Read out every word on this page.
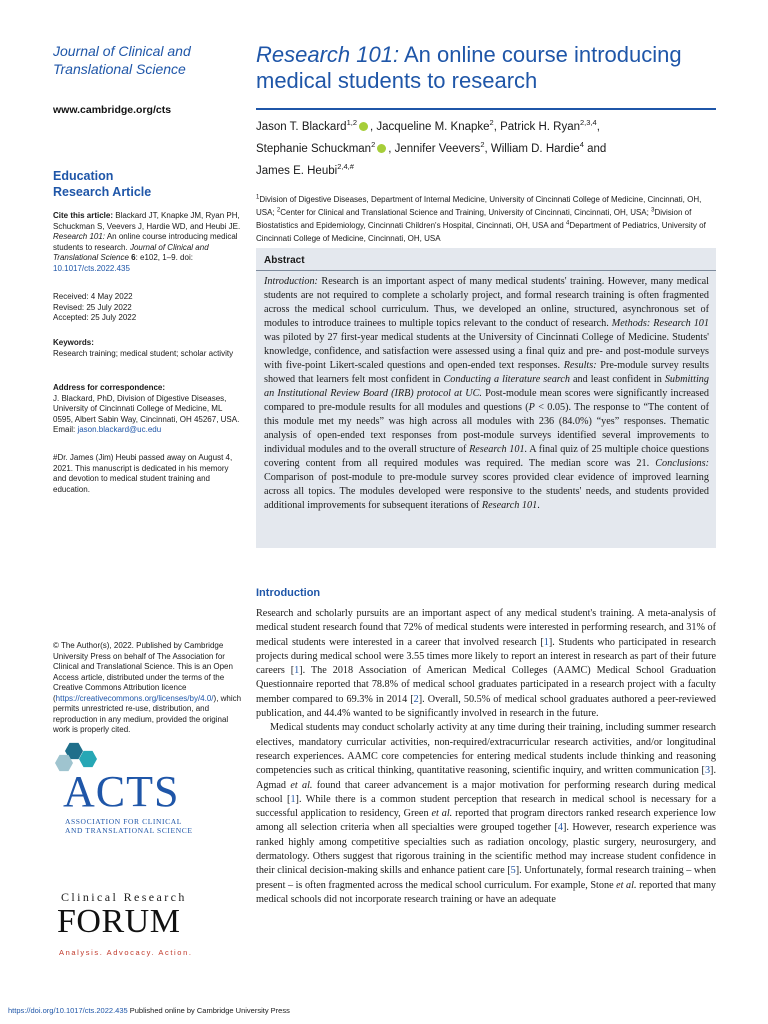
Journal of Clinical and Translational Science
www.cambridge.org/cts
Research 101: An online course introducing medical students to research
Jason T. Blackard$^{1,2}$ , Jacqueline M. Knapke$^2$, Patrick H. Ryan$^{2,3,4}$,
Stephanie Schuckman$^2$ , Jennifer Veevers$^2$, William D. Hardie$^4$ and
James E. Heubi$^{2,4,\#}$
$^1$Division of Digestive Diseases, Department of Internal Medicine, University of Cincinnati College of Medicine, Cincinnati, OH, USA; $^2$Center for Clinical and Translational Science and Training, University of Cincinnati, Cincinnati, OH, USA; $^3$Division of Biostatistics and Epidemiology, Cincinnati Children's Hospital, Cincinnati, OH, USA and $^4$Department of Pediatrics, University of Cincinnati College of Medicine, Cincinnati, OH, USA
Education
Research Article

Cite this article: Blackard JT, Knapke JM, Ryan PH, Schuckman S, Veevers J, Hardie WD, and Heubi JE. Research 101: An online course introducing medical students to research. Journal of Clinical and Translational Science 6: e102, 1–9. doi: 10.1017/cts.2022.435

Received: 4 May 2022

Revised: 25 July 2022

Accepted: 25 July 2022

Keywords:

Research training; medical student; scholar activity

Address for correspondence:

J. Blackard, PhD, Division of Digestive Diseases, University of Cincinnati College of Medicine, ML 0595, Albert Sabin Way, Cincinnati, OH 45267, USA. Email: jason.blackard@uc.edu

#Dr. James (Jim) Heubi passed away on August 4, 2021. This manuscript is dedicated in his memory and devotion to medical student training and education.

Abstract
Introduction: Research is an important aspect of many medical students' training. However, many medical students are not required to complete a scholarly project, and formal research training is often fragmented across the medical school curriculum. Thus, we developed an online, structured, asynchronous set of modules to introduce trainees to multiple topics relevant to the conduct of research. Methods: Research 101 was piloted by 27 first-year medical students at the University of Cincinnati College of Medicine. Students' knowledge, confidence, and satisfaction were assessed using a final quiz and pre- and post-module surveys with five-point Likert-scaled questions and open-ended text responses. Results: Pre-module survey results showed that learners felt most confident in Conducting a literature search and least confident in Submitting an Institutional Review Board (IRB) protocol at UC. Post-module mean scores were significantly increased compared to pre-module results for all modules and questions (P < 0.05). The response to “The content of this module met my needs” was high across all modules with 236 (84.0%) “yes” responses. Thematic analysis of open-ended text responses from post-module surveys identified several improvements to individual modules and to the overall structure of Research 101. A final quiz of 25 multiple choice questions covering content from all required modules was required. The median score was 21. Conclusions: Comparison of post-module to pre-module survey scores provided clear evidence of improved learning across all topics. The modules developed were responsive to the students' needs, and students provided additional improvements for subsequent iterations of Research 101.
Introduction

Research and scholarly pursuits are an important aspect of any medical student's training. A meta-analysis of medical student research found that 72% of medical students were interested in performing research, and 31% of medical students were interested in a career that involved research [1]. Students who participated in research projects during medical school were 3.55 times more likely to report an interest in research as part of their future careers [1]. The 2018 Association of American Medical Colleges (AAMC) Medical School Graduation Questionnaire reported that 78.8% of medical school graduates participated in a research project with a faculty member compared to 69.3% in 2014 [2]. Overall, 50.5% of medical school graduates authored a peer-reviewed publication, and 44.4% wanted to be significantly involved in research in the future.

Medical students may conduct scholarly activity at any time during their training, including summer research electives, mandatory curricular activities, non-required/extracurricular research activities, and/or longitudinal research experiences. AAMC core competencies for entering medical students include thinking and reasoning competencies such as critical thinking, quantitative reasoning, scientific inquiry, and written communication [3]. Agmad et al. found that career advancement is a major motivation for performing research during medical school [1]. While there is a common student perception that research in medical school is necessary for a successful application to residency, Green et al. reported that program directors ranked research experience low among all selection criteria when all specialties were grouped together [4]. However, research experience was ranked highly among competitive specialties such as radiation oncology, plastic surgery, neurosurgery, and dermatology. Others suggest that rigorous training in the scientific method may increase student confidence in their clinical decision-making skills and enhance patient care [5]. Unfortunately, formal research training – when present – is often fragmented across the medical school curriculum. For example, Stone et al. reported that many medical schools did not incorporate research training or have an adequate

© The Author(s), 2022. Published by Cambridge University Press on behalf of The Association for Clinical and Translational Science. This is an Open Access article, distributed under the terms of the Creative Commons Attribution licence (https://creativecommons.org/licenses/by/4.0/), which permits unrestricted re-use, distribution, and reproduction in any medium, provided the original work is properly cited.
ACTS
ASSOCIATION FOR CLINICAL
AND TRANSLATIONAL SCIENCE
Clinical Research
FORUM
Analysis. Advocacy. Action.
https://doi.org/10.1017/cts.2022.435 Published online by Cambridge University Press
